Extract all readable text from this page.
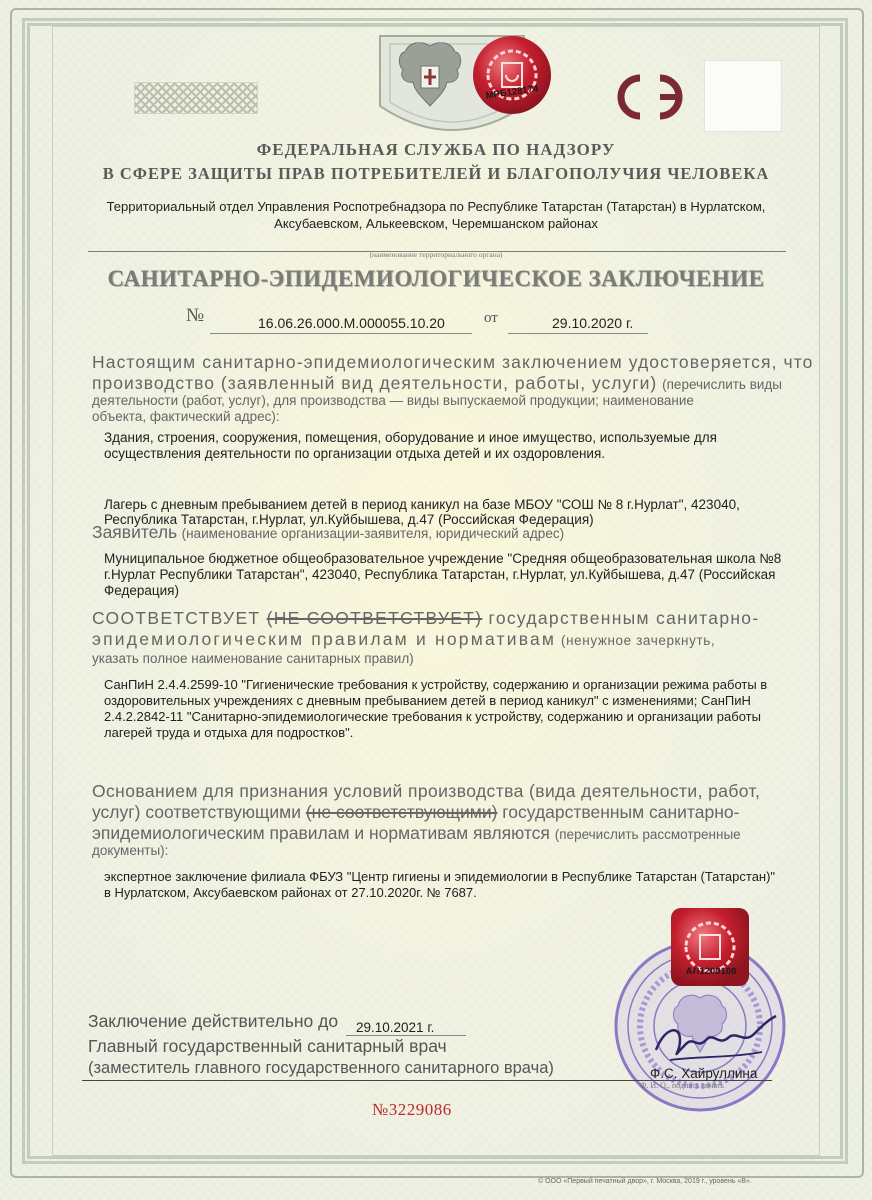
МРБ128174
ФЕДЕРАЛЬНАЯ СЛУЖБА ПО НАДЗОРУ
В СФЕРЕ ЗАЩИТЫ ПРАВ ПОТРЕБИТЕЛЕЙ И БЛАГОПОЛУЧИЯ ЧЕЛОВЕКА
Территориальный отдел Управления Роспотребнадзора по Республике Татарстан (Татарстан) в Нурлатском,
Аксубаевском, Алькеевском, Черемшанском районах
(наименование территориального органа)
САНИТАРНО-ЭПИДЕМИОЛОГИЧЕСКОЕ ЗАКЛЮЧЕНИЕ
№	16.06.26.000.М.000055.10.20	от	29.10.2020 г.
Настоящим санитарно-эпидемиологическим заключением удостоверяется, что
производство (заявленный вид деятельности, работы, услуги) (перечислить виды
деятельности (работ, услуг), для производства — виды выпускаемой продукции; наименование
объекта, фактический адрес):
Здания, строения, сооружения, помещения, оборудование и иное имущество, используемые для
осуществления деятельности по организации отдыха детей и их оздоровления.
Лагерь с дневным пребыванием детей в период каникул на базе МБОУ "СОШ № 8 г.Нурлат", 423040,
Республика Татарстан, г.Нурлат, ул.Куйбышева, д.47 (Российская Федерация)
Заявитель (наименование организации-заявителя, юридический адрес)
Муниципальное бюджетное общеобразовательное учреждение "Средняя общеобразовательная школа №8
г.Нурлат Республики Татарстан", 423040, Республика Татарстан, г.Нурлат, ул.Куйбышева, д.47 (Российская
Федерация)
СООТВЕТСТВУЕТ (НЕ СООТВЕТСТВУЕТ) государственным санитарно-
эпидемиологическим правилам и нормативам (ненужное зачеркнуть,
указать полное наименование санитарных правил)
СанПиН 2.4.4.2599-10 "Гигиенические требования к устройству, содержанию и организации режима работы в
оздоровительных учреждениях с дневным пребыванием детей в период каникул" с изменениями; СанПиН
2.4.2.2842-11 "Санитарно-эпидемиологические требования к устройству, содержанию и организации работы
лагерей труда и отдыха для подростков".
Основанием для признания условий производства (вида деятельности, работ,
услуг) соответствующими (не соответствующими) государственным санитарно-
эпидемиологическим правилам и нормативам являются (перечислить рассмотренные
документы):
экспертное заключение филиала ФБУЗ "Центр гигиены и эпидемиологии в Республике Татарстан (Татарстан)"
в Нурлатском, Аксубаевском районах от 27.10.2020г. № 7687.
АЛ1200108
Заключение действительно до 29.10.2021 г.
Главный государственный санитарный врач
(заместитель главного государственного санитарного врача)	Ф.С. Хайруллина
Ф. И. О., подпись печать
№3229086
© ООО «Первый печатный двор», г. Москва, 2019 г., уровень «В».
